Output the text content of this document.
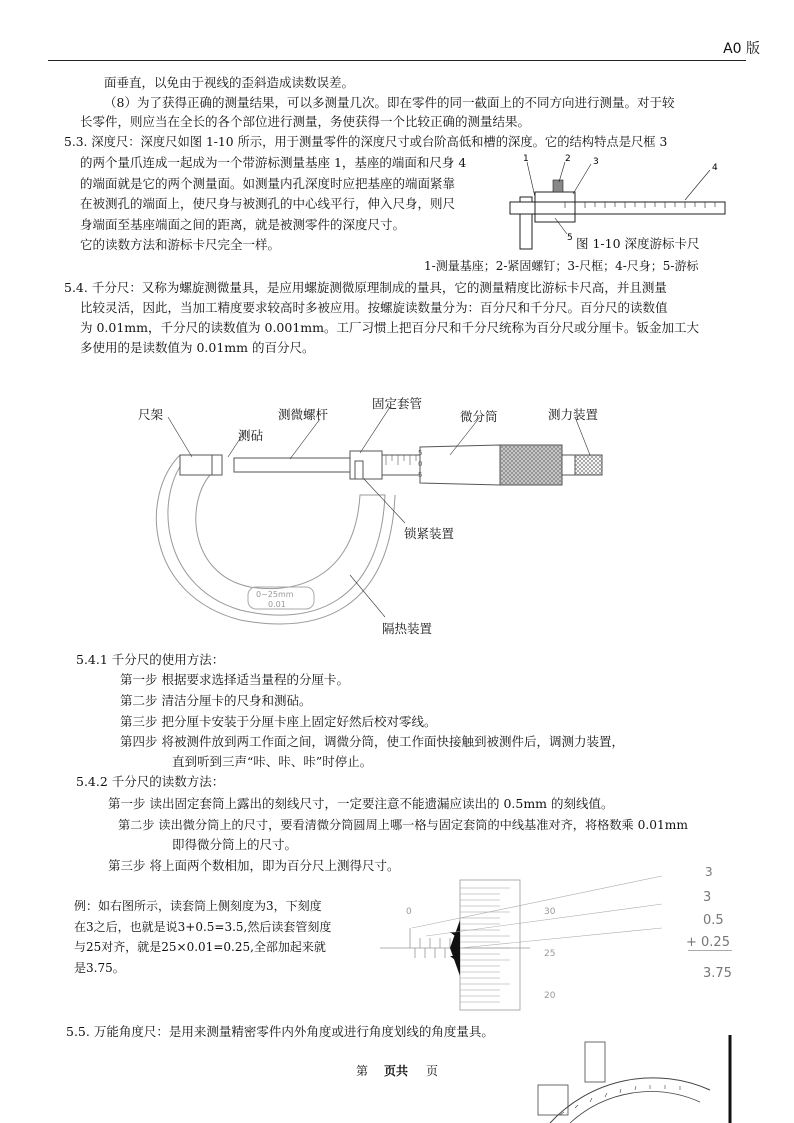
A0 版
面垂直，以免由于视线的歪斜造成读数误差。
（8）为了获得正确的测量结果，可以多测量几次。即在零件的同一截面上的不同方向进行测量。对于较
长零件，则应当在全长的各个部位进行测量，务使获得一个比较正确的测量结果。
5.3. 深度尺：深度尺如图 1-10 所示，用于测量零件的深度尺寸或台阶高低和槽的深度。它的结构特点是尺框 3
的两个量爪连成一起成为一个带游标测量基座 1，基座的端面和尺身 4
的端面就是它的两个测量面。如测量内孔深度时应把基座的端面紧靠
在被测孔的端面上，使尺身与被测孔的中心线平行，伸入尺身，则尺
身端面至基座端面之间的距离，就是被测零件的深度尺寸。
它的读数方法和游标卡尺完全一样。
1	2 3
4
5 图 1-10 深度游标卡尺
1-测量基座；2-紧固螺钉；3-尺框；4-尺身；5-游标
5.4. 千分尺：又称为螺旋测微量具，是应用螺旋测微原理制成的量具，它的测量精度比游标卡尺高，并且测量
比较灵活，因此，当加工精度要求较高时多被应用。按螺旋读数量分为：百分尺和千分尺。百分尺的读数值
为 0.01mm，千分尺的读数值为 0.001mm。工厂习惯上把百分尺和千分尺统称为百分尺或分厘卡。钣金加工大
多使用的是读数值为 0.01mm 的百分尺。
5
0
5
0~25mm
0.01
尺架	测微螺杆
测砧
固定套管
微分筒	测力装置
锁紧装置
隔热装置
5.4.1 千分尺的使用方法：
第一步 根据要求选择适当量程的分厘卡。
第二步 清洁分厘卡的尺身和测砧。
第三步 把分厘卡安装于分厘卡座上固定好然后校对零线。
第四步 将被测件放到两工作面之间，调微分筒，使工作面快接触到被测件后，调测力装置，
直到听到三声“咔、咔、咔”时停止。
5.4.2 千分尺的读数方法：
第一步 读出固定套筒上露出的刻线尺寸，一定要注意不能遗漏应读出的 0.5mm 的刻线值。
第二步 读出微分筒上的尺寸，要看清微分筒圆周上哪一格与固定套筒的中线基准对齐，将格数乘 0.01mm
即得微分筒上的尺寸。
第三步 将上面两个数相加，即为百分尺上测得尺寸。
例：如右图所示，读套筒上侧刻度为3，下刻度
在3之后，也就是说3+0.5=3.5,然后读套管刻度
与25对齐，就是25×0.01=0.25,全部加起来就
是3.75。
0	30
25
20
3
3
0.5
+ 0.25
3.75
5.5. 万能角度尺：是用来测量精密零件内外角度或进行角度划线的角度量具。
第 页共 页
